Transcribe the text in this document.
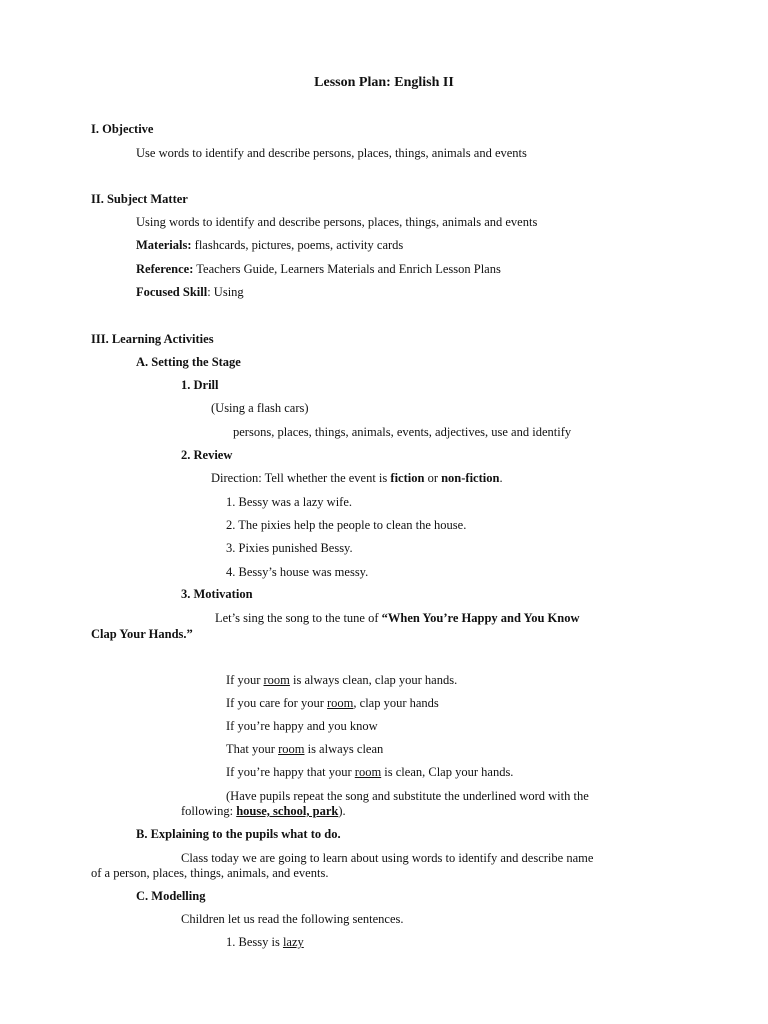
Lesson Plan: English II
I. Objective
Use words to identify and describe persons, places, things, animals and events
II. Subject Matter
Using words to identify and describe persons, places, things, animals and events
Materials: flashcards, pictures, poems, activity cards
Reference: Teachers Guide, Learners Materials and Enrich Lesson Plans
Focused Skill: Using
III. Learning Activities
A. Setting the Stage
1. Drill
(Using a flash cars)
persons, places, things, animals, events, adjectives, use and identify
2. Review
Direction: Tell whether the event is fiction or non-fiction.
1. Bessy was a lazy wife.
2. The pixies help the people to clean the house.
3. Pixies punished Bessy.
4. Bessy’s house was messy.
3. Motivation
Let’s sing the song to the tune of “When You’re Happy and You Know
Clap Your Hands.”
If your room is always clean, clap your hands.
If you care for your room, clap your hands
If you’re happy and you know
That your room is always clean
If you’re happy that your room is clean, Clap your hands.
(Have pupils repeat the song and substitute the underlined word with the
following: house, school, park).
B. Explaining to the pupils what to do.
Class today we are going to learn about using words to identify and describe name
of a person, places, things, animals, and events.
C. Modelling
Children let us read the following sentences.
1. Bessy is lazy
